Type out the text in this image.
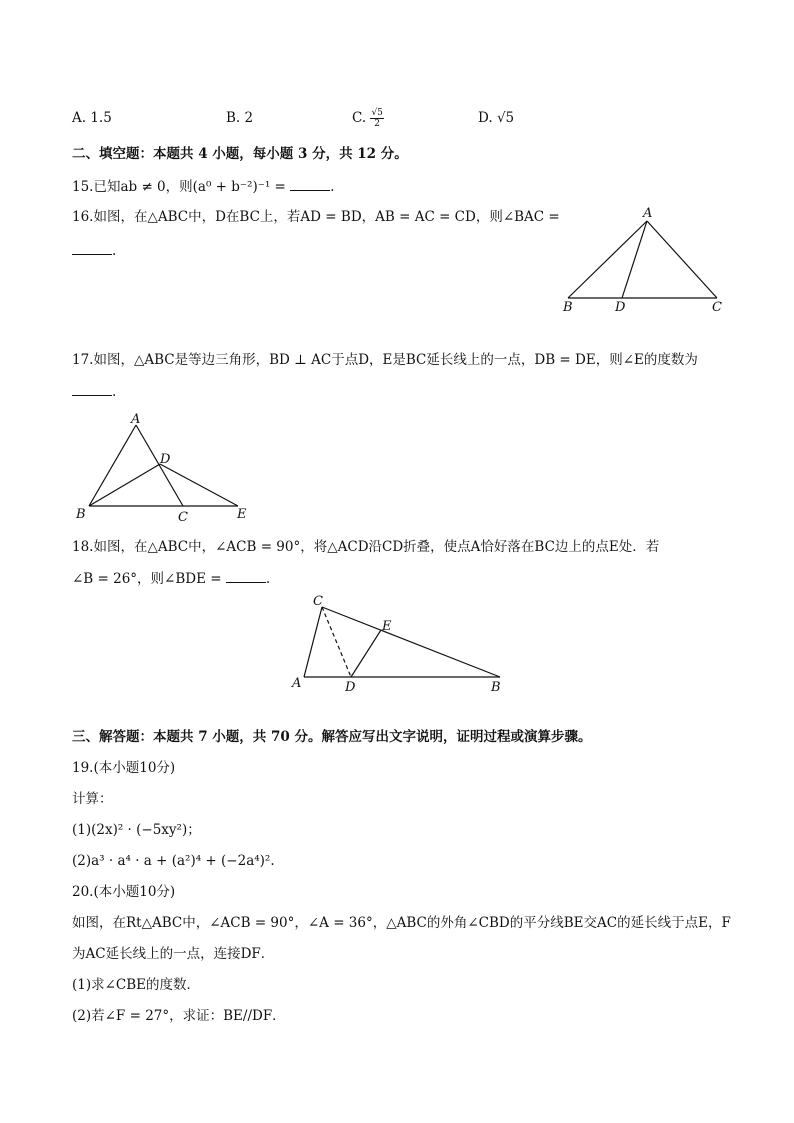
A. 1.5	B. 2	C. $\frac{√5}{2}$	D. √5
二、填空题：本题共 4 小题，每小题 3 分，共 12 分。
15.已知ab ≠ 0，则(a⁰ + b⁻²)⁻¹ =	.
16.如图，在△ABC中，D在BC上，若AD = BD，AB = AC = CD，则∠BAC =
.
A
B	D	C
17.如图，△ABC是等边三角形，BD ⊥ AC于点D，E是BC延长线上的一点，DB = DE，则∠E的度数为
.
A
D
B	C	E
18.如图，在△ABC中，∠ACB = 90°，将△ACD沿CD折叠，使点A恰好落在BC边上的点E处．若
∠B = 26°，则∠BDE =	.
C
E
A	D	B
三、解答题：本题共 7 小题，共 70 分。解答应写出文字说明，证明过程或演算步骤。
19.(本小题10分)
计算：
(1)(2x)² · (−5xy²)；
(2)a³ · a⁴ · a + (a²)⁴ + (−2a⁴)².
20.(本小题10分)
如图，在Rt△ABC中，∠ACB = 90°，∠A = 36°，△ABC的外角∠CBD的平分线BE交AC的延长线于点E，F
为AC延长线上的一点，连接DF．
(1)求∠CBE的度数．
(2)若∠F = 27°，求证：BE//DF．
